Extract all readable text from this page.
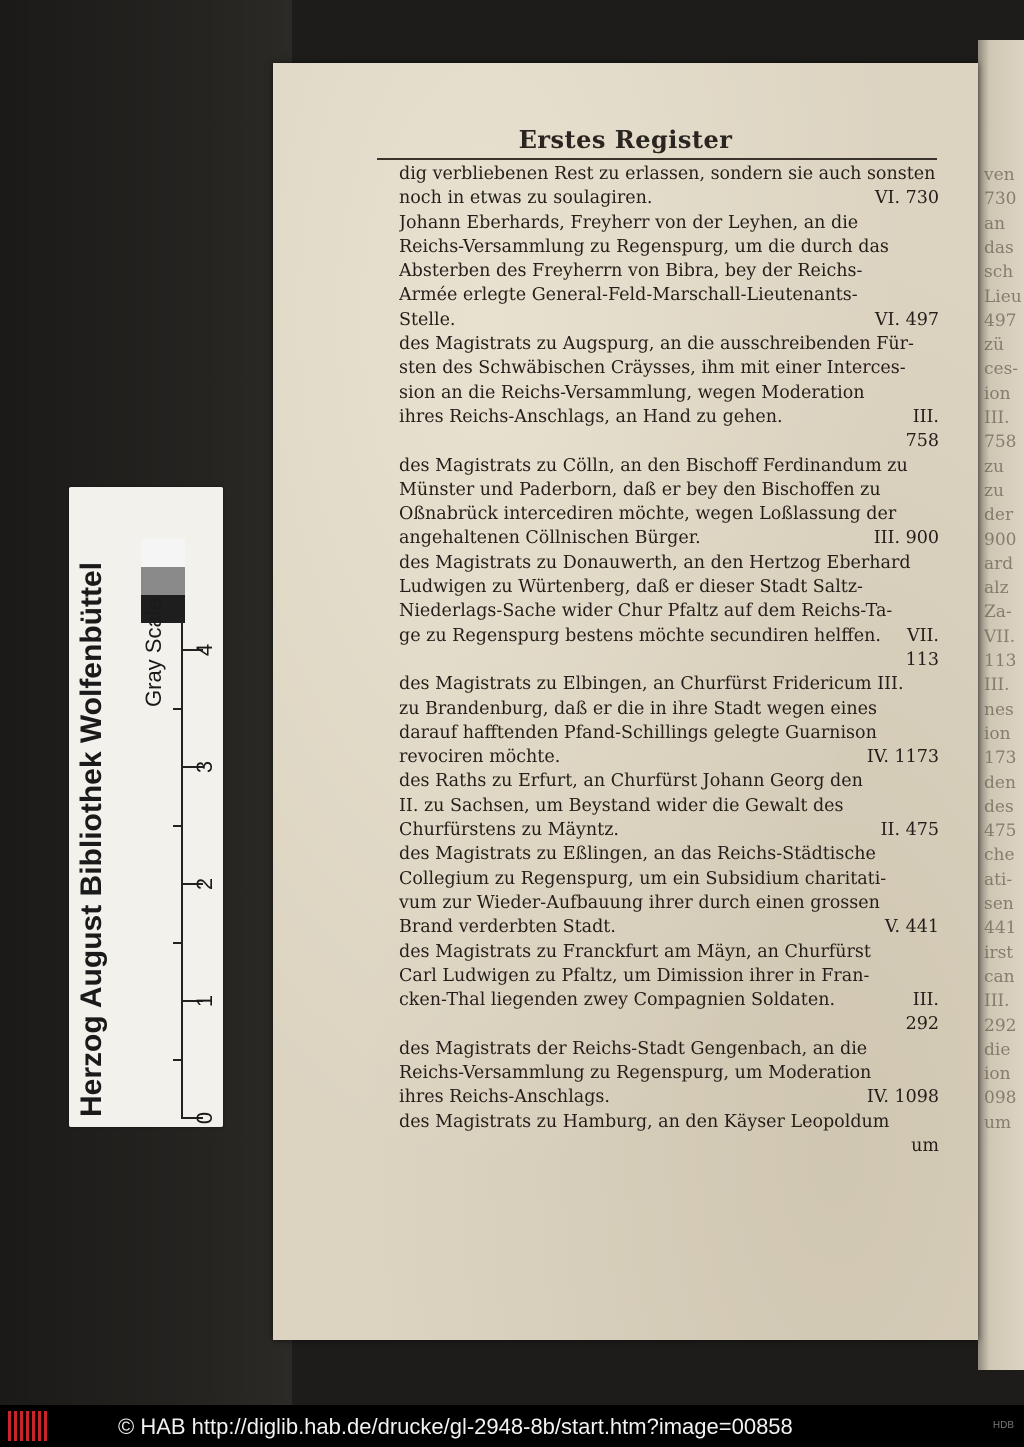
ven
730
an
das
sch
Lieu
497
zü
ces-
ion
III.
758
zu
zu
der
900
ard
alz
Za-
VII.
113
III.
nes
ion
173
den
des
475
che
ati-
sen
441
irst
can
III.
292
die
ion
098
um
Erstes Register
dig verbliebenen Rest zu erlassen, sondern sie auch sonsten
noch in etwas zu soulagiren.	VI. 730
Johann Eberhards, Freyherr von der Leyhen, an die
Reichs-Versammlung zu Regenspurg, um die durch das
Absterben des Freyherrn von Bibra, bey der Reichs-
Armée erlegte General-Feld-Marschall-Lieutenants-
Stelle.	VI. 497
des Magistrats zu Augspurg, an die ausschreibenden Für-
sten des Schwäbischen Cräysses, ihm mit einer Interces-
sion an die Reichs-Versammlung, wegen Moderation
ihres Reichs-Anschlags, an Hand zu gehen.	III.
758
des Magistrats zu Cölln, an den Bischoff Ferdinandum zu
Münster und Paderborn, daß er bey den Bischoffen zu
Oßnabrück intercediren möchte, wegen Loßlassung der
angehaltenen Cöllnischen Bürger.	III. 900
des Magistrats zu Donauwerth, an den Hertzog Eberhard
Ludwigen zu Würtenberg, daß er dieser Stadt Saltz-
Niederlags-Sache wider Chur Pfaltz auf dem Reichs-Ta-
ge zu Regenspurg bestens möchte secundiren helffen.	VII.
113
des Magistrats zu Elbingen, an Churfürst Fridericum III.
zu Brandenburg, daß er die in ihre Stadt wegen eines
darauf hafftenden Pfand-Schillings gelegte Guarnison
revociren möchte.	IV. 1173
des Raths zu Erfurt, an Churfürst Johann Georg den
II. zu Sachsen, um Beystand wider die Gewalt des
Churfürstens zu Mäyntz.	II. 475
des Magistrats zu Eßlingen, an das Reichs-Städtische
Collegium zu Regenspurg, um ein Subsidium charitati-
vum zur Wieder-Aufbauung ihrer durch einen grossen
Brand verderbten Stadt.	V. 441
des Magistrats zu Franckfurt am Mäyn, an Churfürst
Carl Ludwigen zu Pfaltz, um Dimission ihrer in Fran-
cken-Thal liegenden zwey Compagnien Soldaten.	III.
292
des Magistrats der Reichs-Stadt Gengenbach, an die
Reichs-Versammlung zu Regenspurg, um Moderation
ihres Reichs-Anschlags.	IV. 1098
des Magistrats zu Hamburg, an den Käyser Leopoldum
um
Herzog August Bibliothek Wolfenbüttel Gray Scale
0
1
2
3
4
© HAB http://diglib.hab.de/drucke/gl-2948-8b/start.htm?image=00858	HDB
